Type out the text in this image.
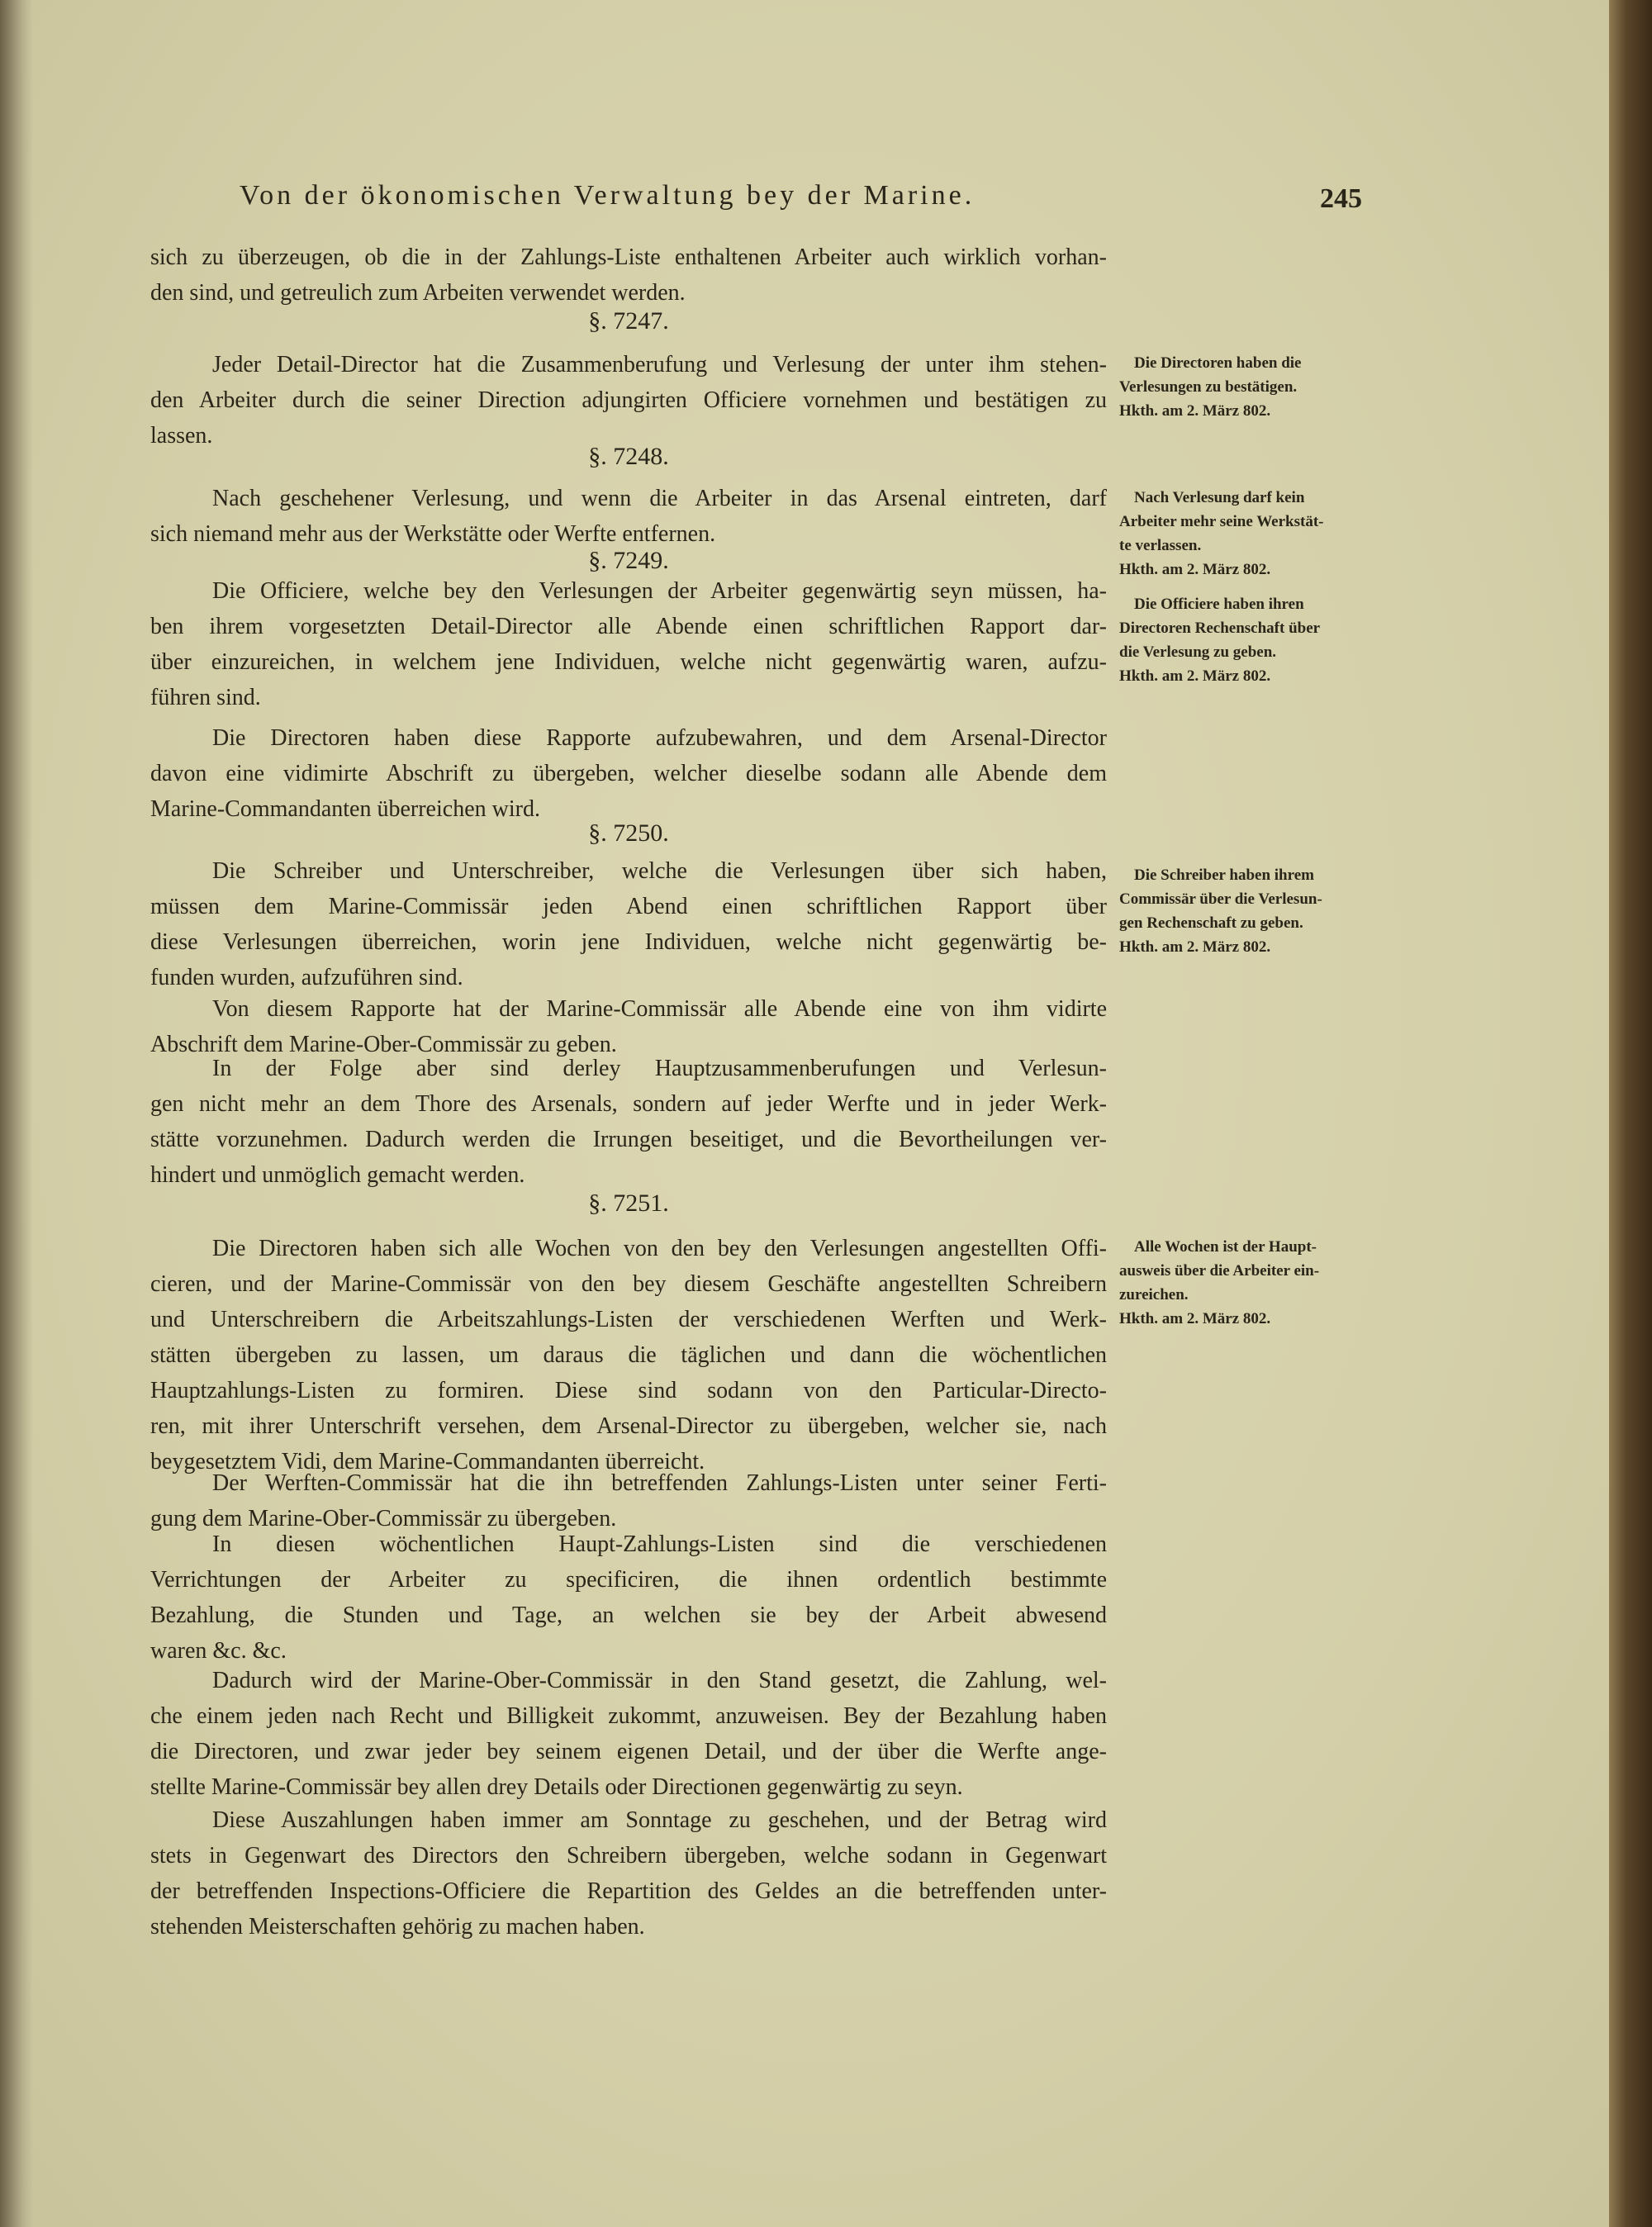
Von der ökonomischen Verwaltung bey der Marine.	245
sich zu überzeugen, ob die in der Zahlungs-Liste enthaltenen Arbeiter auch wirklich vorhan-
den sind, und getreulich zum Arbeiten verwendet werden.
§. 7247.
Jeder Detail-Director hat die Zusammenberufung und Verlesung der unter ihm stehen-
den Arbeiter durch die seiner Direction adjungirten Officiere vornehmen und bestätigen zu
lassen.
§. 7248.
Nach geschehener Verlesung, und wenn die Arbeiter in das Arsenal eintreten, darf
sich niemand mehr aus der Werkstätte oder Werfte entfernen.
§. 7249.
Die Officiere, welche bey den Verlesungen der Arbeiter gegenwärtig seyn müssen, ha-
ben ihrem vorgesetzten Detail-Director alle Abende einen schriftlichen Rapport dar-
über einzureichen, in welchem jene Individuen, welche nicht gegenwärtig waren, aufzu-
führen sind.
Die Directoren haben diese Rapporte aufzubewahren, und dem Arsenal-Director
davon eine vidimirte Abschrift zu übergeben, welcher dieselbe sodann alle Abende dem
Marine-Commandanten überreichen wird.
§. 7250.
Die Schreiber und Unterschreiber, welche die Verlesungen über sich haben,
müssen dem Marine-Commissär jeden Abend einen schriftlichen Rapport über
diese Verlesungen überreichen, worin jene Individuen, welche nicht gegenwärtig be-
funden wurden, aufzuführen sind.
Von diesem Rapporte hat der Marine-Commissär alle Abende eine von ihm vidirte
Abschrift dem Marine-Ober-Commissär zu geben.
In der Folge aber sind derley Hauptzusammenberufungen und Verlesun-
gen nicht mehr an dem Thore des Arsenals, sondern auf jeder Werfte und in jeder Werk-
stätte vorzunehmen. Dadurch werden die Irrungen beseitiget, und die Bevortheilungen ver-
hindert und unmöglich gemacht werden.
§. 7251.
Die Directoren haben sich alle Wochen von den bey den Verlesungen angestellten Offi-
cieren, und der Marine-Commissär von den bey diesem Geschäfte angestellten Schreibern
und Unterschreibern die Arbeitszahlungs-Listen der verschiedenen Werften und Werk-
stätten übergeben zu lassen, um daraus die täglichen und dann die wöchentlichen
Hauptzahlungs-Listen zu formiren. Diese sind sodann von den Particular-Directo-
ren, mit ihrer Unterschrift versehen, dem Arsenal-Director zu übergeben, welcher sie, nach
beygesetztem Vidi, dem Marine-Commandanten überreicht.
Der Werften-Commissär hat die ihn betreffenden Zahlungs-Listen unter seiner Ferti-
gung dem Marine-Ober-Commissär zu übergeben.
In diesen wöchentlichen Haupt-Zahlungs-Listen sind die verschiedenen
Verrichtungen der Arbeiter zu specificiren, die ihnen ordentlich bestimmte
Bezahlung, die Stunden und Tage, an welchen sie bey der Arbeit abwesend
waren &c. &c.
Dadurch wird der Marine-Ober-Commissär in den Stand gesetzt, die Zahlung, wel-
che einem jeden nach Recht und Billigkeit zukommt, anzuweisen. Bey der Bezahlung haben
die Directoren, und zwar jeder bey seinem eigenen Detail, und der über die Werfte ange-
stellte Marine-Commissär bey allen drey Details oder Directionen gegenwärtig zu seyn.
Diese Auszahlungen haben immer am Sonntage zu geschehen, und der Betrag wird
stets in Gegenwart des Directors den Schreibern übergeben, welche sodann in Gegenwart
der betreffenden Inspections-Officiere die Repartition des Geldes an die betreffenden unter-
stehenden Meisterschaften gehörig zu machen haben.
Die Directoren haben die
Verlesungen zu bestätigen.
Hkth. am 2. März 802.
Nach Verlesung darf kein
Arbeiter mehr seine Werkstät-
te verlassen.
Hkth. am 2. März 802.
Die Officiere haben ihren
Directoren Rechenschaft über
die Verlesung zu geben.
Hkth. am 2. März 802.
Die Schreiber haben ihrem
Commissär über die Verlesun-
gen Rechenschaft zu geben.
Hkth. am 2. März 802.
Alle Wochen ist der Haupt-
ausweis über die Arbeiter ein-
zureichen.
Hkth. am 2. März 802.
